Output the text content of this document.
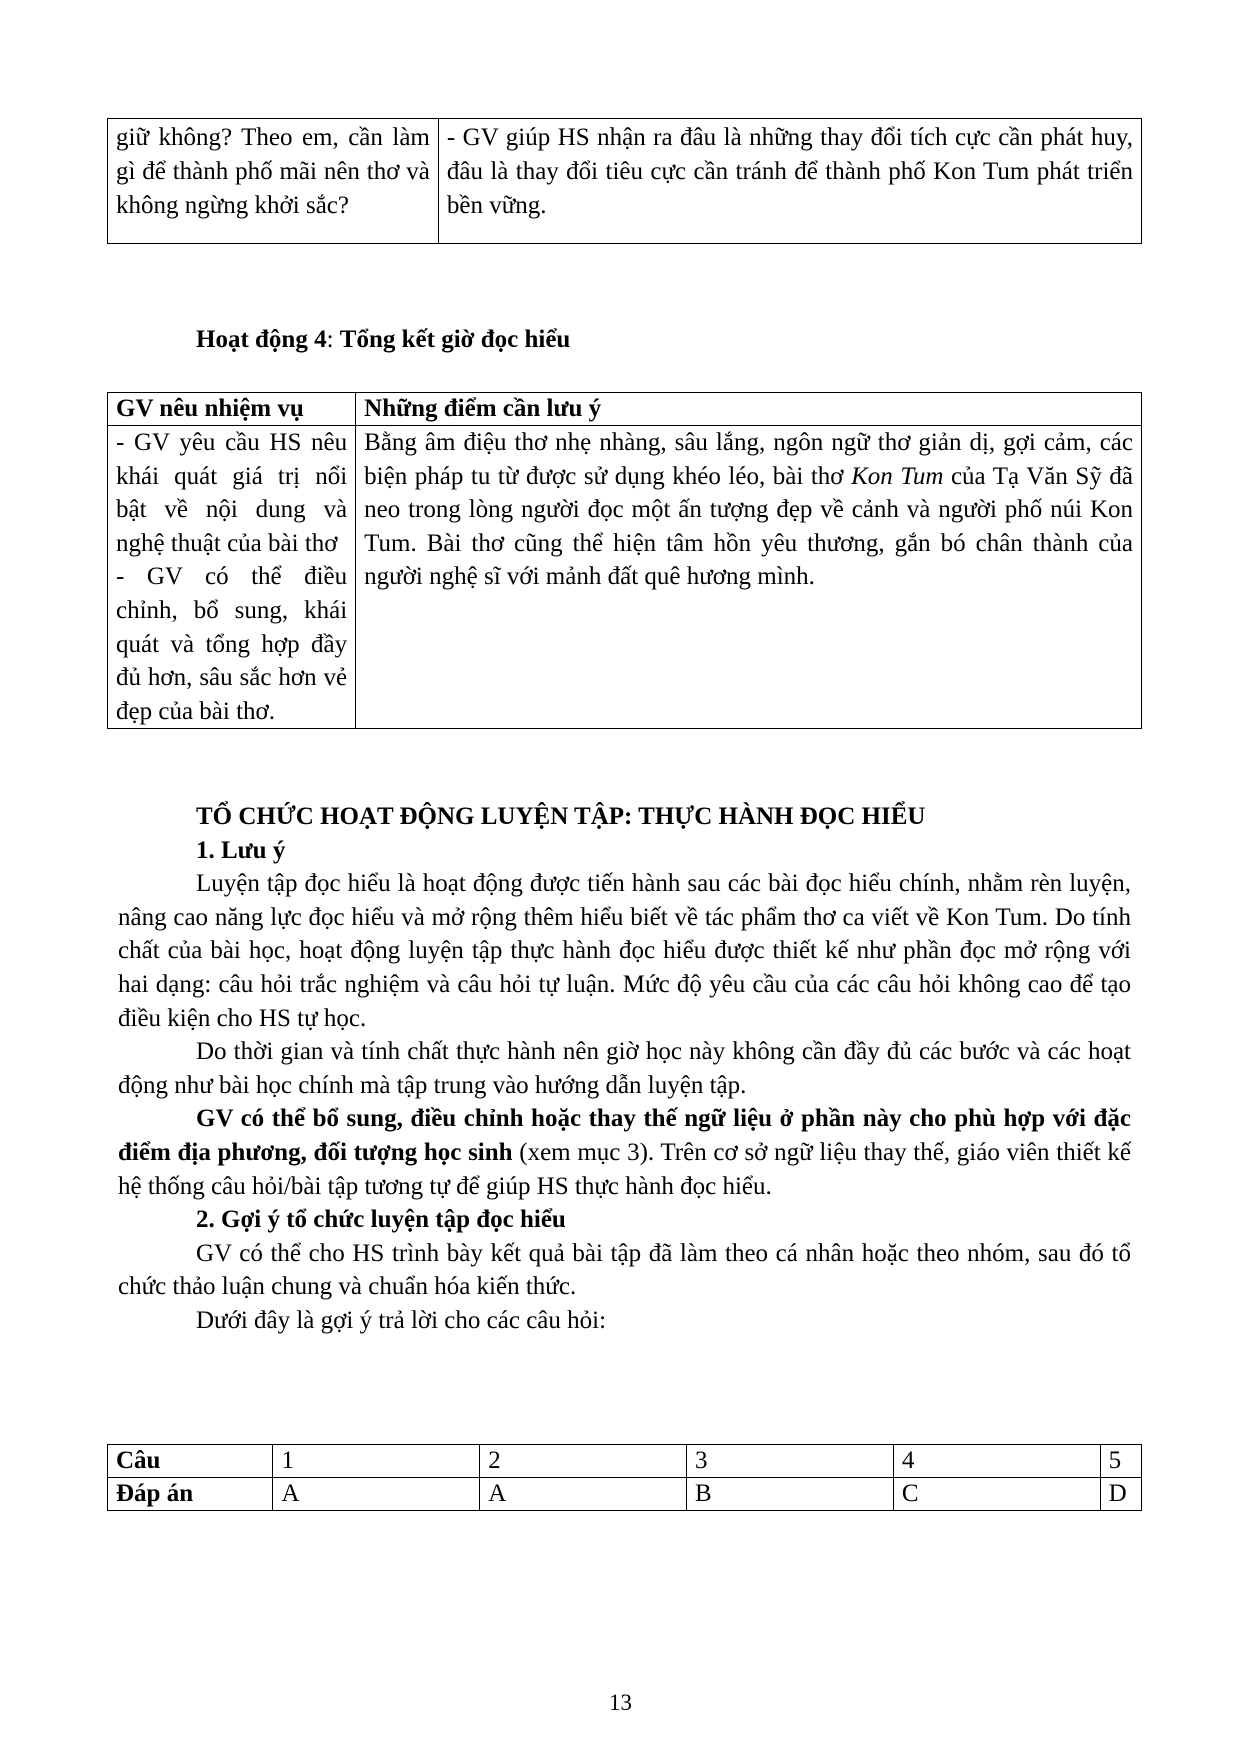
giữ không? Theo em, cần làm gì để thành phố mãi nên thơ và không ngừng khởi sắc?	- GV giúp HS nhận ra đâu là những thay đổi tích cực cần phát huy, đâu là thay đổi tiêu cực cần tránh để thành phố Kon Tum phát triển bền vững.
Hoạt động 4: Tổng kết giờ đọc hiểu
GV nêu nhiệm vụ	Những điểm cần lưu ý

- GV yêu cầu HS nêu khái quát giá trị nổi bật về nội dung và nghệ thuật của bài thơ
- GV có thể điều chỉnh, bổ sung, khái quát và tổng hợp đầy đủ hơn, sâu sắc hơn vẻ đẹp của bài thơ.	Bằng âm điệu thơ nhẹ nhàng, sâu lắng, ngôn ngữ thơ giản dị, gợi cảm, các biện pháp tu từ được sử dụng khéo léo, bài thơ Kon Tum của Tạ Văn Sỹ đã neo trong lòng người đọc một ấn tượng đẹp về cảnh và người phố núi Kon Tum. Bài thơ cũng thể hiện tâm hồn yêu thương, gắn bó chân thành của người nghệ sĩ với mảnh đất quê hương mình.

TỔ CHỨC HOẠT ĐỘNG LUYỆN TẬP: THỰC HÀNH ĐỌC HIỂU

1. Lưu ý

Luyện tập đọc hiểu là hoạt động được tiến hành sau các bài đọc hiểu chính, nhằm rèn luyện, nâng cao năng lực đọc hiểu và mở rộng thêm hiểu biết về tác phẩm thơ ca viết về Kon Tum. Do tính chất của bài học, hoạt động luyện tập thực hành đọc hiểu được thiết kế như phần đọc mở rộng với hai dạng: câu hỏi trắc nghiệm và câu hỏi tự luận. Mức độ yêu cầu của các câu hỏi không cao để tạo điều kiện cho HS tự học.

Do thời gian và tính chất thực hành nên giờ học này không cần đầy đủ các bước và các hoạt động như bài học chính mà tập trung vào hướng dẫn luyện tập.

GV có thể bổ sung, điều chỉnh hoặc thay thế ngữ liệu ở phần này cho phù hợp với đặc điểm địa phương, đối tượng học sinh (xem mục 3). Trên cơ sở ngữ liệu thay thế, giáo viên thiết kế hệ thống câu hỏi/bài tập tương tự để giúp HS thực hành đọc hiểu.

2. Gợi ý tổ chức luyện tập đọc hiểu

GV có thể cho HS trình bày kết quả bài tập đã làm theo cá nhân hoặc theo nhóm, sau đó tổ chức thảo luận chung và chuẩn hóa kiến thức.

Dưới đây là gợi ý trả lời cho các câu hỏi:

Câu	1	2	3	4	5
Đáp án	A	A	B	C	D
13
